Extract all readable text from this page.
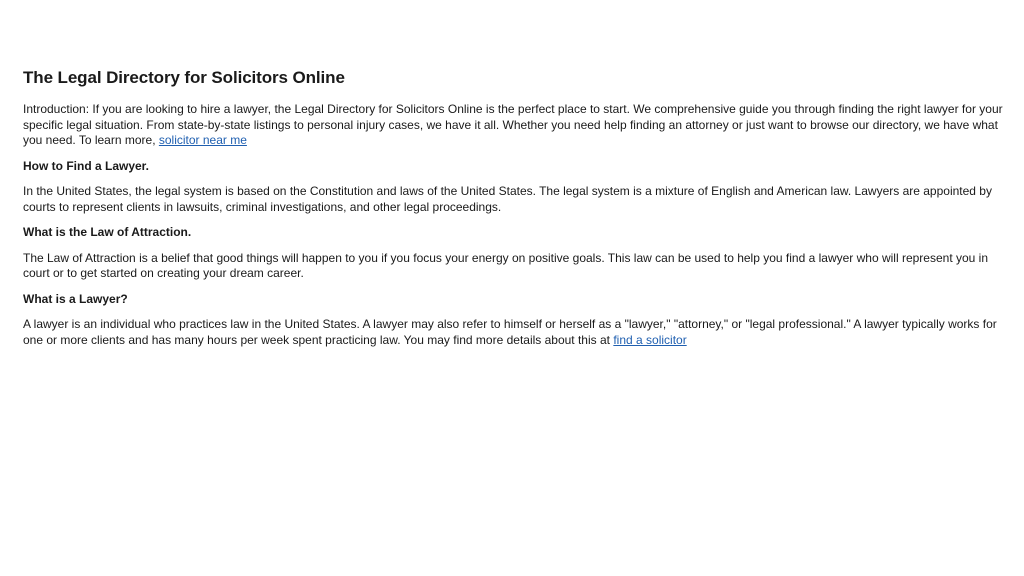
The Legal Directory for Solicitors Online

Introduction: If you are looking to hire a lawyer, the Legal Directory for Solicitors Online is the perfect place to start. We comprehensive guide you through finding the right lawyer for your specific legal situation. From state-by-state listings to personal injury cases, we have it all. Whether you need help finding an attorney or just want to browse our directory, we have what you need. To learn more, solicitor near me

How to Find a Lawyer.

In the United States, the legal system is based on the Constitution and laws of the United States. The legal system is a mixture of English and American law. Lawyers are appointed by courts to represent clients in lawsuits, criminal investigations, and other legal proceedings.

What is the Law of Attraction.

The Law of Attraction is a belief that good things will happen to you if you focus your energy on positive goals. This law can be used to help you find a lawyer who will represent you in court or to get started on creating your dream career.

What is a Lawyer?

A lawyer is an individual who practices law in the United States. A lawyer may also refer to himself or herself as a "lawyer," "attorney," or "legal professional." A lawyer typically works for one or more clients and has many hours per week spent practicing law. You may find more details about this at find a solicitor
